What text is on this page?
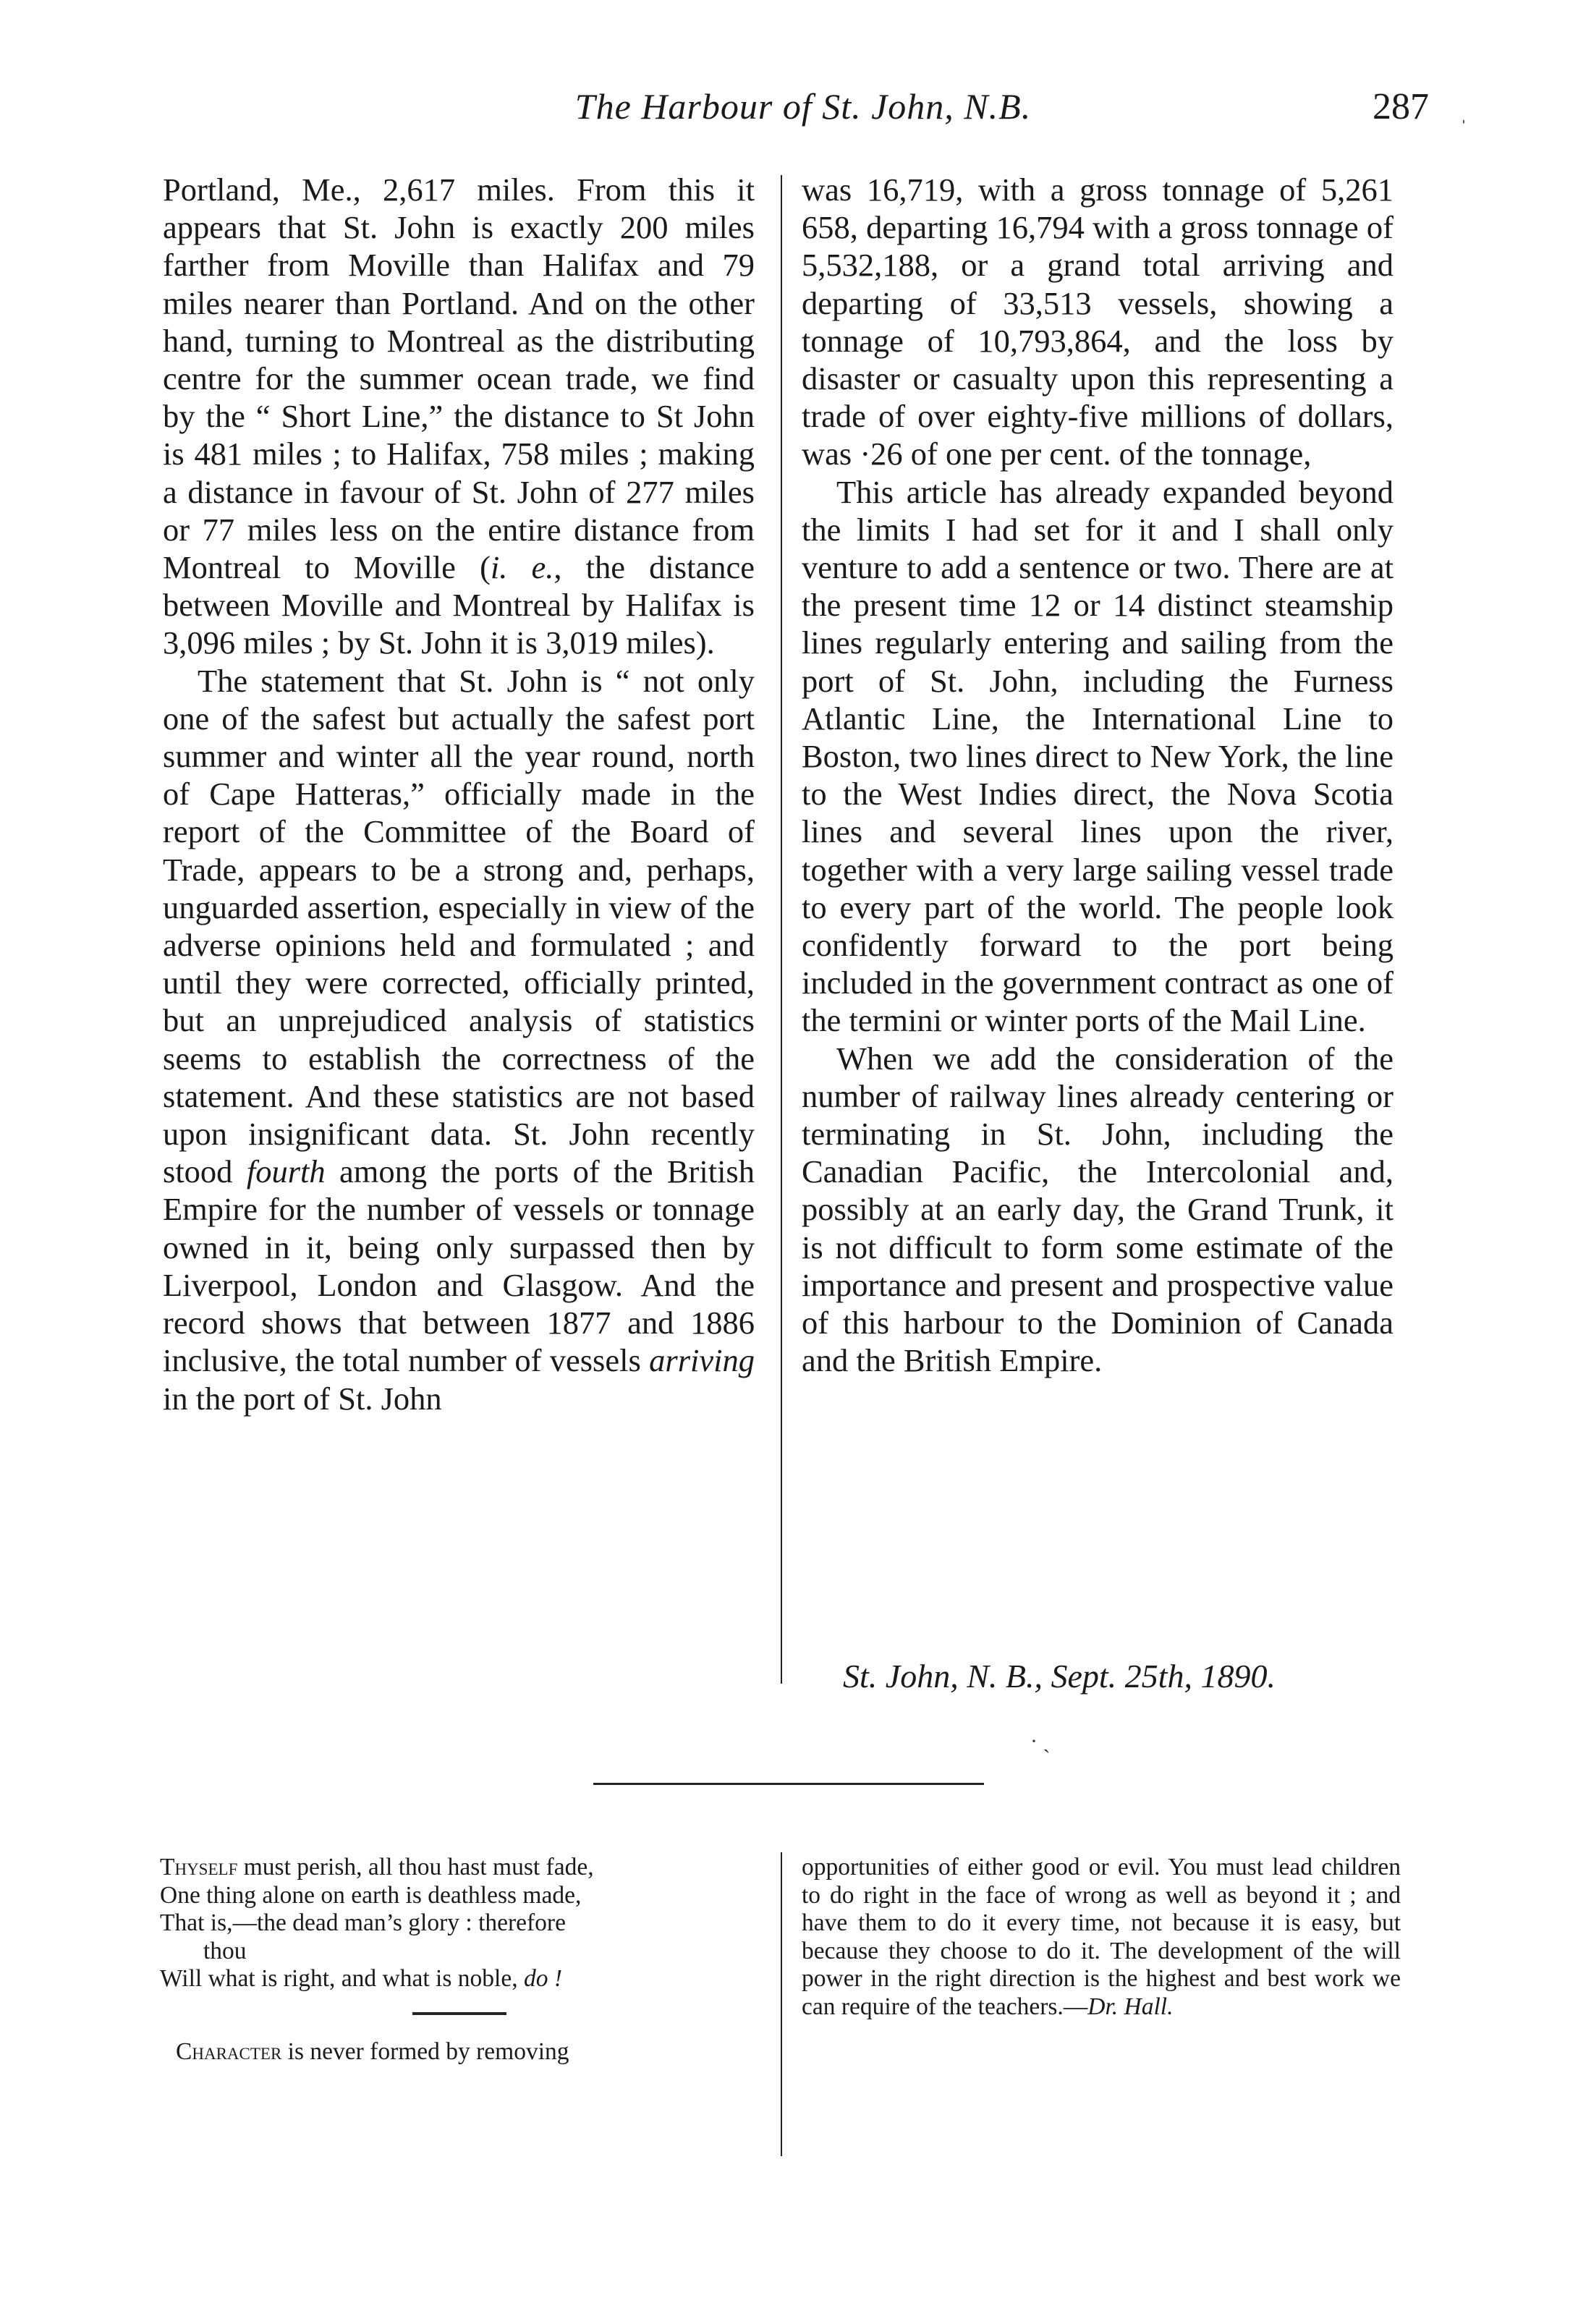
The Harbour of St. John, N.B.	287 ˌ

Portland, Me., 2,617 miles. From this it appears that St. John is exactly 200 miles farther from Moville than Halifax and 79 miles nearer than Portland. And on the other hand, turning to Montreal as the distributing centre for the summer ocean trade, we find by the “ Short Line,” the distance to St John is 481 miles ; to Halifax, 758 miles ; making a distance in favour of St. John of 277 miles or 77 miles less on the entire distance from Montreal to Moville (i. e., the distance between Moville and Montreal by Halifax is 3,096 miles ; by St. John it is 3,019 miles).

The statement that St. John is “ not only one of the safest but actually the safest port summer and winter all the year round, north of Cape Hatteras,” officially made in the report of the Committee of the Board of Trade, appears to be a strong and, perhaps, unguarded assertion, especially in view of the adverse opinions held and formulated ; and until they were corrected, officially printed, but an unprejudiced analysis of statistics seems to establish the correctness of the statement. And these statistics are not based upon insignificant data. St. John recently stood fourth among the ports of the British Empire for the number of vessels or tonnage owned in it, being only surpassed then by Liverpool, London and Glasgow. And the record shows that between 1877 and 1886 inclusive, the total number of vessels arriving in the port of St. John

was 16,719, with a gross tonnage of 5,261 658, departing 16,794 with a gross tonnage of 5,532,188, or a grand total arriving and departing of 33,513 vessels, showing a tonnage of 10,793,864, and the loss by disaster or casualty upon this representing a trade of over eighty-five millions of dollars, was ·26 of one per cent. of the tonnage,

This article has already expanded beyond the limits I had set for it and I shall only venture to add a sentence or two. There are at the present time 12 or 14 distinct steamship lines regularly entering and sailing from the port of St. John, including the Furness Atlantic Line, the International Line to Boston, two lines direct to New York, the line to the West Indies direct, the Nova Scotia lines and several lines upon the river, together with a very large sailing vessel trade to every part of the world. The people look confidently forward to the port being included in the government contract as one of the termini or winter ports of the Mail Line.

When we add the consideration of the number of railway lines already centering or terminating in St. John, including the Canadian Pacific, the Intercolonial and, possibly at an early day, the Grand Trunk, it is not difficult to form some estimate of the importance and present and prospective value of this harbour to the Dominion of Canada and the British Empire.

St. John, N. B., Sept. 25th, 1890.
· ˏ
Thyself must perish, all thou hast must fade,
One thing alone on earth is deathless made,
That is,—the dead man’s glory : therefore
thou
Will what is right, and what is noble, do !

Character is never formed by removing

opportunities of either good or evil. You must lead children to do right in the face of wrong as well as beyond it ; and have them to do it every time, not because it is easy, but because they choose to do it. The development of the will power in the right direction is the highest and best work we can require of the teachers.—Dr. Hall.
